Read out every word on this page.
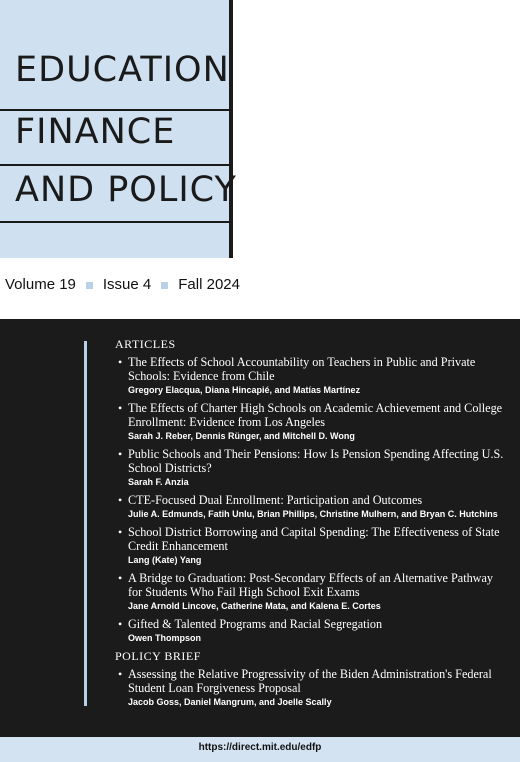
EDUCATION
FINANCE
AND POLICY
Volume 19 Issue 4 Fall 2024
ARTICLES
• The Effects of School Accountability on Teachers in Public and Private Schools: Evidence from Chile
Gregory Elacqua, Diana Hincapié, and Matías Martínez
• The Effects of Charter High Schools on Academic Achievement and College Enrollment: Evidence from Los Angeles
Sarah J. Reber, Dennis Rünger, and Mitchell D. Wong
• Public Schools and Their Pensions: How Is Pension Spending Affecting U.S. School Districts?
Sarah F. Anzia
• CTE-Focused Dual Enrollment: Participation and Outcomes
Julie A. Edmunds, Fatih Unlu, Brian Phillips, Christine Mulhern, and Bryan C. Hutchins
• School District Borrowing and Capital Spending: The Effectiveness of State Credit Enhancement
Lang (Kate) Yang
• A Bridge to Graduation: Post-Secondary Effects of an Alternative Pathway for Students Who Fail High School Exit Exams
Jane Arnold Lincove, Catherine Mata, and Kalena E. Cortes
• Gifted & Talented Programs and Racial Segregation
Owen Thompson
POLICY BRIEF
• Assessing the Relative Progressivity of the Biden Administration's Federal Student Loan Forgiveness Proposal
Jacob Goss, Daniel Mangrum, and Joelle Scally
https://direct.mit.edu/edfp
